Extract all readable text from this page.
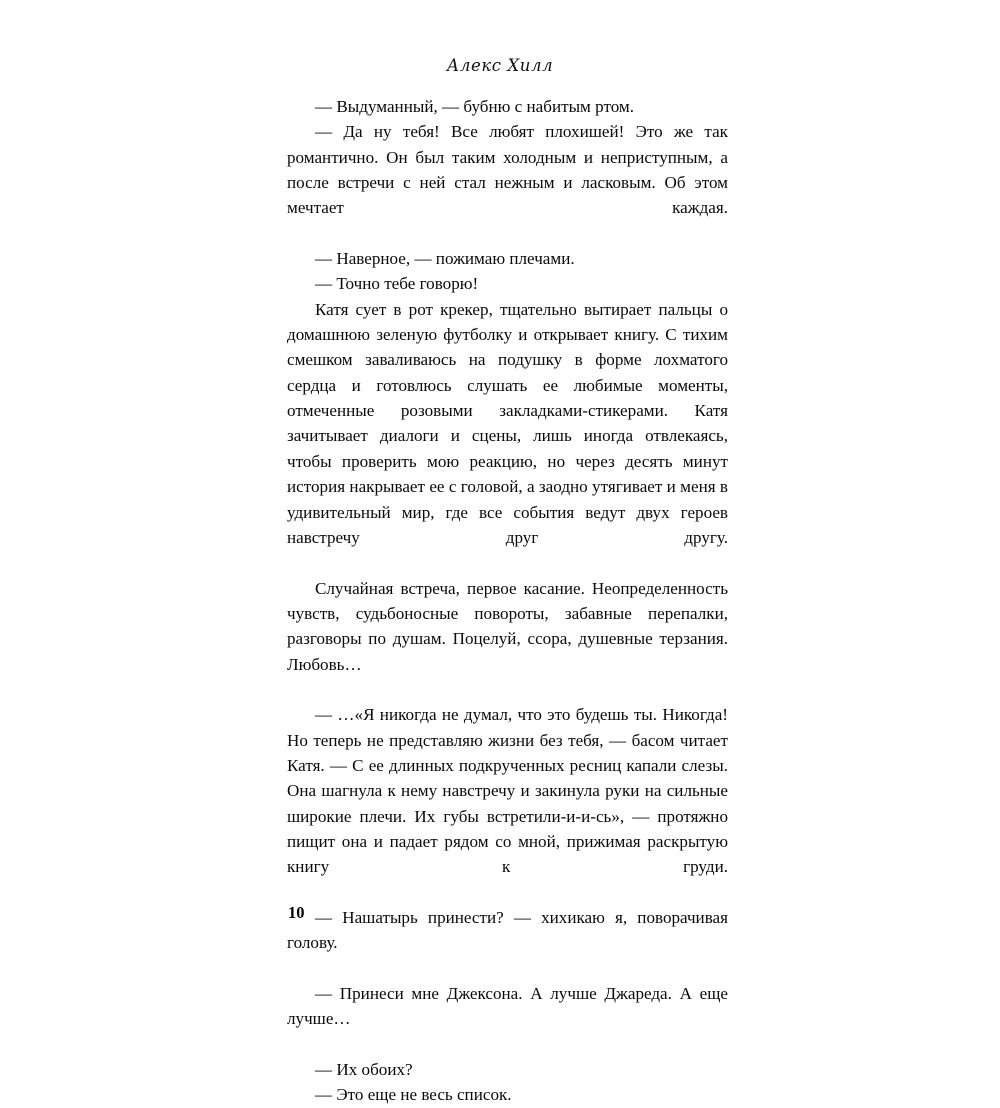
Алекс Хилл

— Выдуманный, — бубню с набитым ртом.

— Да ну тебя! Все любят плохишей! Это же так романтично. Он был таким холодным и неприступным, а после встречи с ней стал нежным и ласковым. Об этом мечтает каждая.

— Наверное, — пожимаю плечами.

— Точно тебе говорю!

Катя сует в рот крекер, тщательно вытирает пальцы о домашнюю зеленую футболку и открывает книгу. С тихим смешком заваливаюсь на подушку в форме лохматого сердца и готовлюсь слушать ее любимые моменты, отмеченные розовыми закладками-стикерами. Катя зачитывает диалоги и сцены, лишь иногда отвлекаясь, чтобы проверить мою реакцию, но через десять минут история накрывает ее с головой, а заодно утягивает и меня в удивительный мир, где все события ведут двух героев навстречу друг другу.

Случайная встреча, первое касание. Неопределенность чувств, судьбоносные повороты, забавные перепалки, разговоры по душам. Поцелуй, ссора, душевные терзания. Любовь…

— …«Я никогда не думал, что это будешь ты. Никогда! Но теперь не представляю жизни без тебя, — басом читает Катя. — С ее длинных подкрученных ресниц капали слезы. Она шагнула к нему навстречу и закинула руки на сильные широкие плечи. Их губы встретили-и-и-сь», — протяжно пищит она и падает рядом со мной, прижимая раскрытую книгу к груди.

— Нашатырь принести? — хихикаю я, поворачивая голову.

— Принеси мне Джексона. А лучше Джареда. А еще лучше…

— Их обоих?

— Это еще не весь список.

10
